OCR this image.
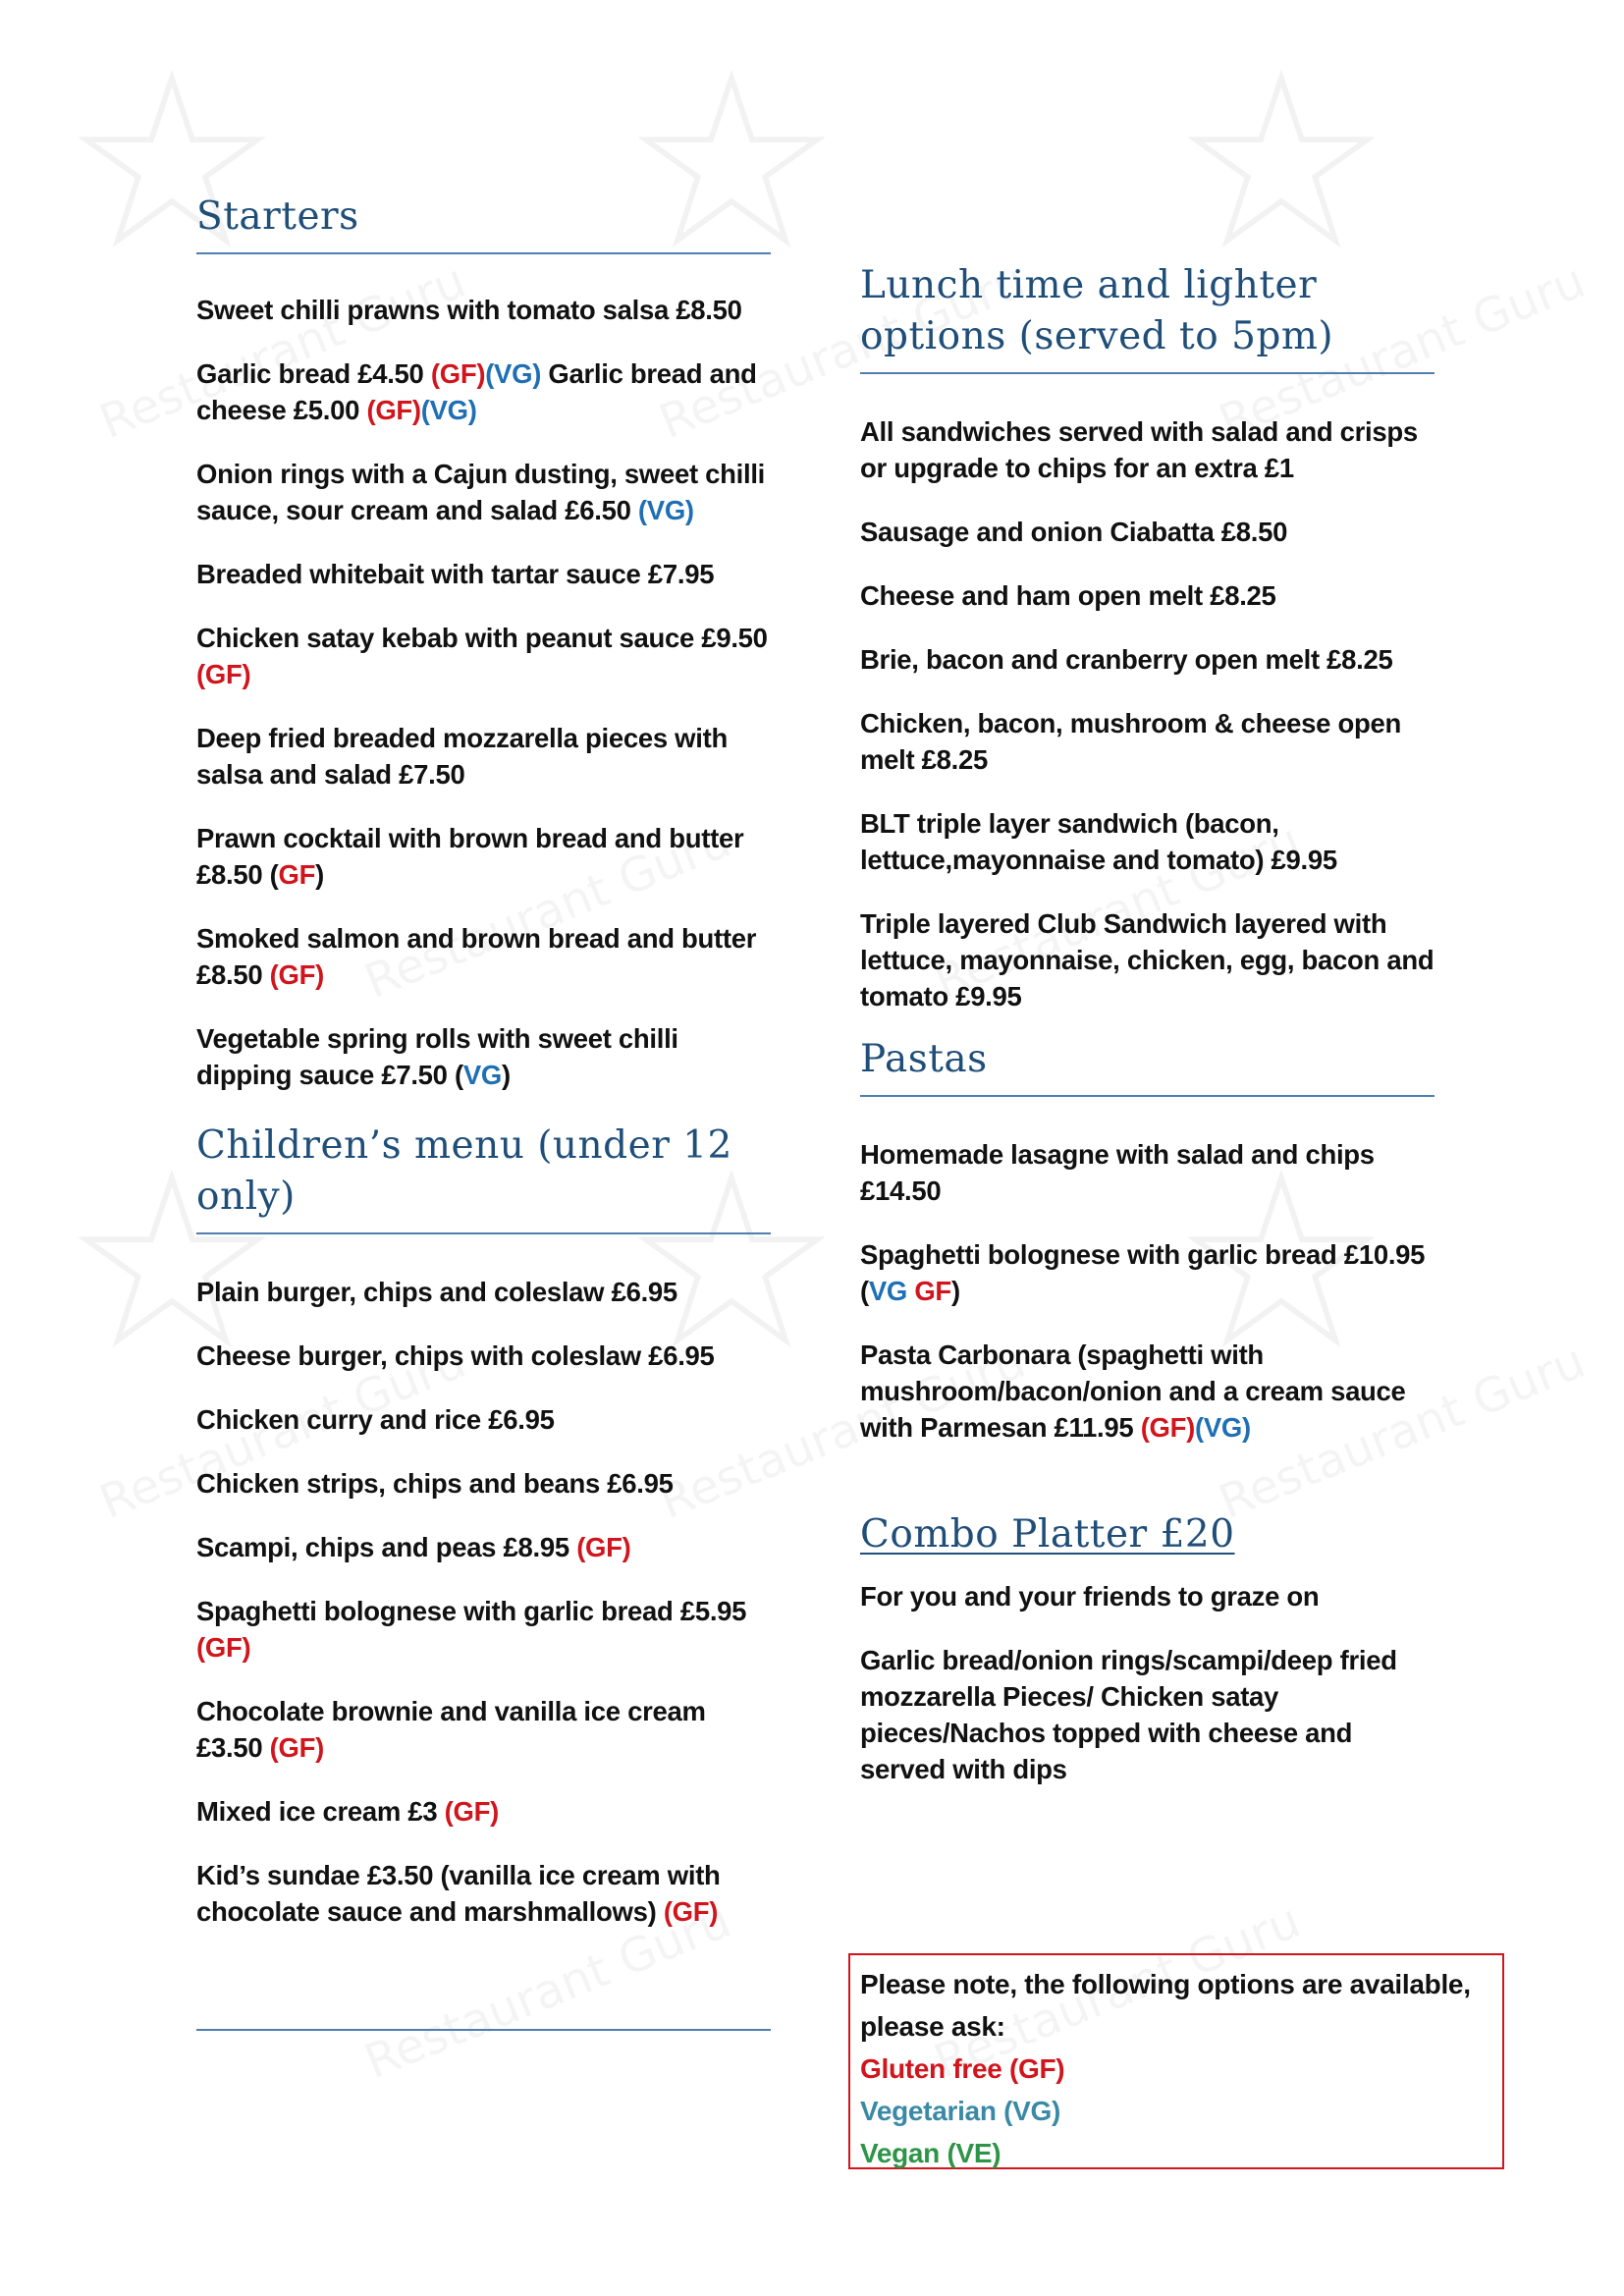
Starters
Sweet chilli prawns with tomato salsa £8.50
Garlic bread £4.50 (GF)(VG) Garlic bread and cheese £5.00 (GF)(VG)
Onion rings with a Cajun dusting, sweet chilli sauce, sour cream and salad £6.50 (VG)
Breaded whitebait with tartar sauce £7.95
Chicken satay kebab with peanut sauce £9.50 (GF)
Deep fried breaded mozzarella pieces with salsa and salad £7.50
Prawn cocktail with brown bread and butter £8.50 (GF)
Smoked salmon and brown bread and butter £8.50 (GF)
Vegetable spring rolls with sweet chilli dipping sauce £7.50 (VG)
Children’s menu (under 12 only)
Plain burger, chips and coleslaw £6.95
Cheese burger, chips with coleslaw £6.95
Chicken curry and rice £6.95
Chicken strips, chips and beans £6.95
Scampi, chips and peas £8.95 (GF)
Spaghetti bolognese with garlic bread £5.95 (GF)
Chocolate brownie and vanilla ice cream £3.50 (GF)
Mixed ice cream £3 (GF)
Kid’s sundae £3.50 (vanilla ice cream with chocolate sauce and marshmallows) (GF)
Lunch time and lighter options (served to 5pm)
All sandwiches served with salad and crisps or upgrade to chips for an extra £1
Sausage and onion Ciabatta £8.50
Cheese and ham open melt £8.25
Brie, bacon and cranberry open melt £8.25
Chicken, bacon, mushroom & cheese open melt £8.25
BLT triple layer sandwich (bacon, lettuce,mayonnaise and tomato) £9.95
Triple layered Club Sandwich layered with lettuce, mayonnaise, chicken, egg, bacon and tomato £9.95
Pastas
Homemade lasagne with salad and chips £14.50
Spaghetti bolognese with garlic bread £10.95 (VG GF)
Pasta Carbonara (spaghetti with mushroom/bacon/onion and a cream sauce with Parmesan £11.95 (GF)(VG)
Combo Platter £20
For you and your friends to graze on
Garlic bread/onion rings/scampi/deep fried mozzarella Pieces/ Chicken satay pieces/Nachos topped with cheese and served with dips
Please note, the following options are available,
please ask:
Gluten free (GF)
Vegetarian (VG)
Vegan (VE)
